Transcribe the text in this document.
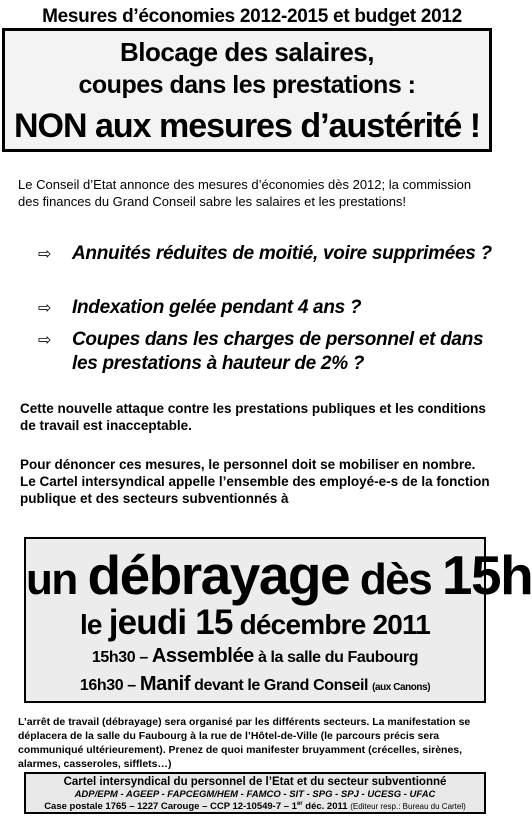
Mesures d’économies 2012-2015 et budget 2012
Blocage des salaires,
coupes dans les prestations :
NON aux mesures d’austérité !
Le Conseil d’Etat annonce des mesures d’économies dès 2012; la commission des finances du Grand Conseil sabre les salaires et les prestations!
⇨ Annuités réduites de moitié, voire supprimées ?
⇨ Indexation gelée pendant 4 ans ?
⇨ Coupes dans les charges de personnel et dans les prestations à hauteur de 2% ?
Cette nouvelle attaque contre les prestations publiques et les conditions de travail est inacceptable.
Pour dénoncer ces mesures, le personnel doit se mobiliser en nombre. Le Cartel intersyndical appelle l’ensemble des employé-e-s de la fonction publique et des secteurs subventionnés à
un débrayage dès 15h
le jeudi 15 décembre 2011
15h30 – Assemblée à la salle du Faubourg
16h30 – Manif devant le Grand Conseil (aux Canons)
L’arrêt de travail (débrayage) sera organisé par les différents secteurs. La manifestation se déplacera de la salle du Faubourg à la rue de l’Hôtel-de-Ville (le parcours précis sera communiqué ultérieurement). Prenez de quoi manifester bruyamment (crécelles, sirènes, alarmes, casseroles, sifflets…)
Cartel intersyndical du personnel de l’Etat et du secteur subventionné
ADP/EPM - AGEEP - FAPCEGM/HEM - FAMCO - SIT - SPG - SPJ - UCESG - UFAC
Case postale 1765 – 1227 Carouge – CCP 12-10549-7 – 1er déc. 2011 (Editeur resp.: Bureau du Cartel)
